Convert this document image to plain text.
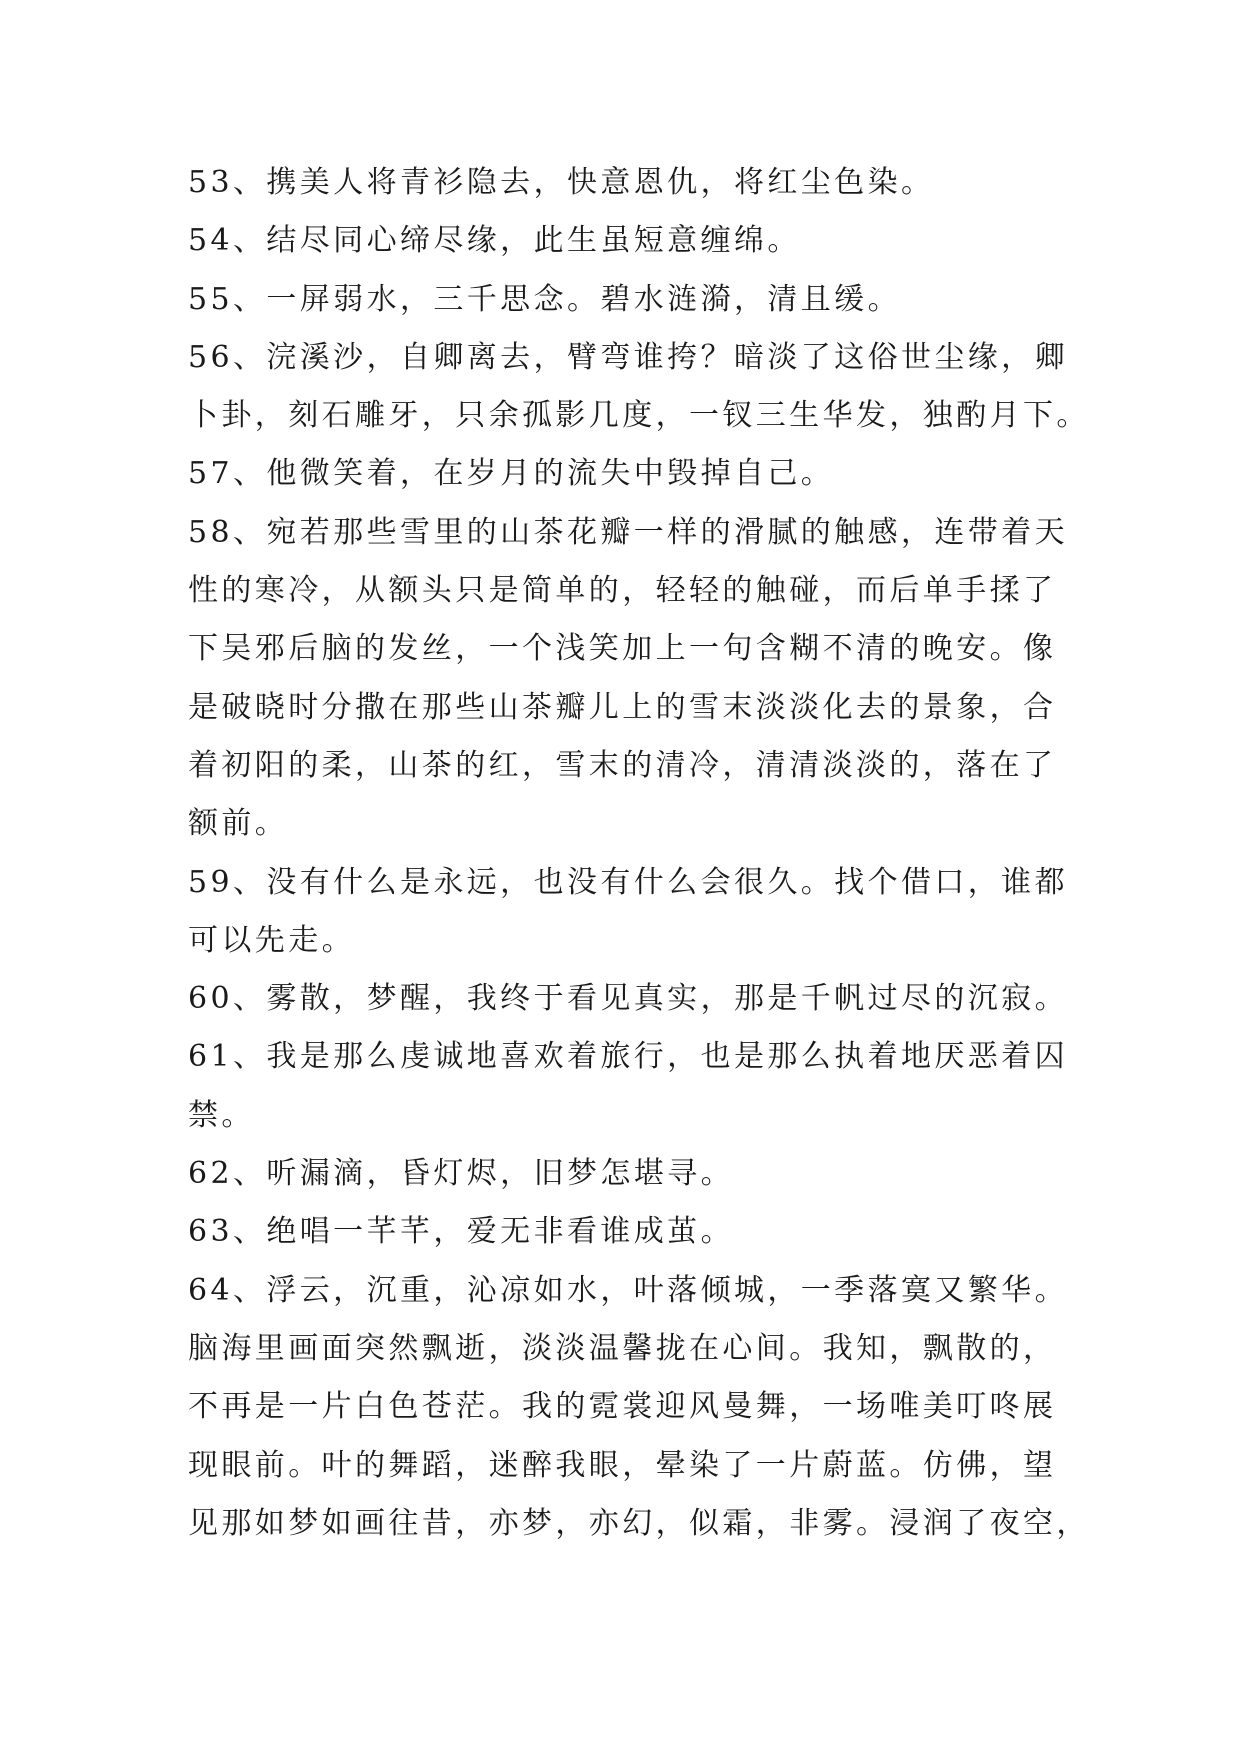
53、携美人将青衫隐去，快意恩仇，将红尘色染。
54、结尽同心缔尽缘，此生虽短意缠绵。
55、一屏弱水，三千思念。碧水涟漪，清且缓。
56、浣溪沙，自卿离去，臂弯谁挎？暗淡了这俗世尘缘，卿
卜卦，刻石雕牙，只余孤影几度，一钗三生华发，独酌月下。
57、他微笑着，在岁月的流失中毁掉自己。
58、宛若那些雪里的山茶花瓣一样的滑腻的触感，连带着天
性的寒冷，从额头只是简单的，轻轻的触碰，而后单手揉了
下吴邪后脑的发丝，一个浅笑加上一句含糊不清的晚安。像
是破晓时分撒在那些山茶瓣儿上的雪末淡淡化去的景象，合
着初阳的柔，山茶的红，雪末的清冷，清清淡淡的，落在了
额前。
59、没有什么是永远，也没有什么会很久。找个借口，谁都
可以先走。
60、雾散，梦醒，我终于看见真实，那是千帆过尽的沉寂。
61、我是那么虔诚地喜欢着旅行，也是那么执着地厌恶着囚
禁。
62、听漏滴，昏灯烬，旧梦怎堪寻。
63、绝唱一芊芊，爱无非看谁成茧。
64、浮云，沉重，沁凉如水，叶落倾城，一季落寞又繁华。
脑海里画面突然飘逝，淡淡温馨拢在心间。我知，飘散的，
不再是一片白色苍茫。我的霓裳迎风曼舞，一场唯美叮咚展
现眼前。叶的舞蹈，迷醉我眼，晕染了一片蔚蓝。仿佛，望
见那如梦如画往昔，亦梦，亦幻，似霜，非雾。浸润了夜空，
